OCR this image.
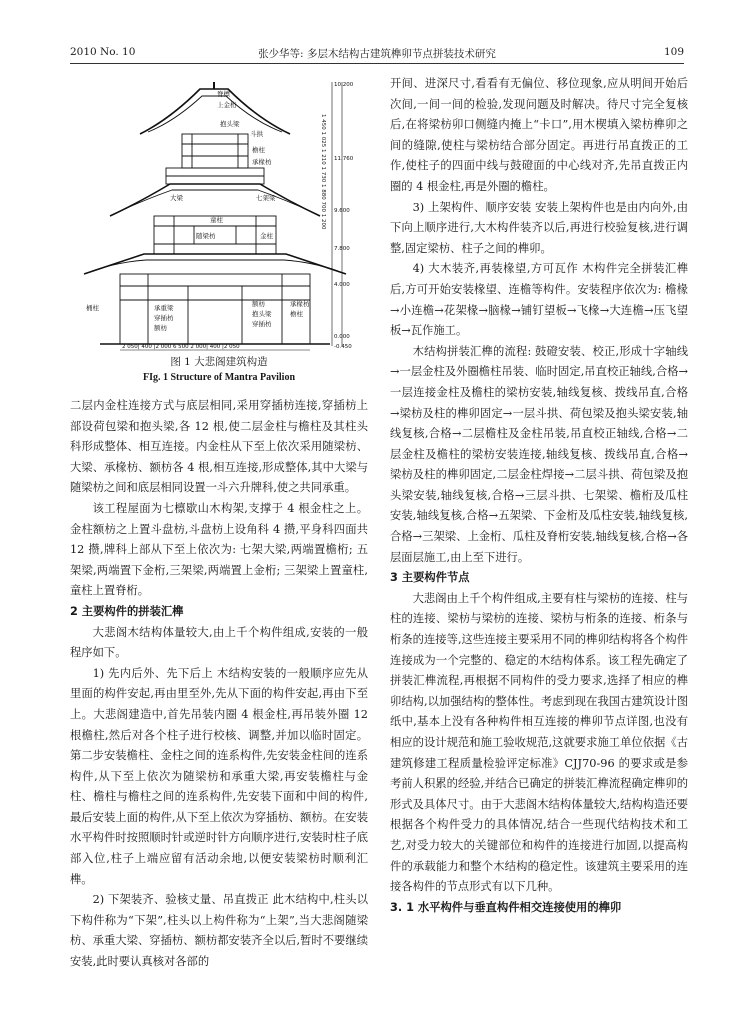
2010 No. 10	张少华等: 多层木结构古建筑榫卯节点拼装技术研究	109
脊檩
上金桁
抱头梁
斗拱
檐柱
承椽枋
大梁	七架梁
童柱
随梁枋	金柱
桶柱	承重梁
穿插枋
额枋
承椽枋
檐柱
额枋
抱头梁
穿插枋
10.200
11.760
9.600
7.800
4.000
0.000
-0.450
2 050| 400 |2 000 6 500 2 000| 400 |2 050
1 450 1 025 1 210 1 730 1 880 700 1 200
图 1 大悲阁建筑构造
FIg. 1 Structure of Mantra Pavilion

二层内金柱连接方式与底层相同,采用穿插枋连接,穿插枋上部设荷包梁和抱头梁,各 12 根,使二层金柱与檐柱及其柱头科形成整体、相互连接。内金柱从下至上依次采用随梁枋、大梁、承椽枋、额枋各 4 根,相互连接,形成整体,其中大梁与随梁枋之间和底层相同设置一斗六升牌科,使之共同承重。

该工程屋面为七檩歇山木构架,支撑于 4 根金柱之上。金柱额枋之上置斗盘枋,斗盘枋上设角科 4 攒,平身科四面共 12 攒,牌科上部从下至上依次为: 七架大梁,两端置檐桁; 五架梁,两端置下金桁,三架梁,两端置上金桁; 三架梁上置童柱,童柱上置脊桁。

2 主要构件的拼装汇榫

大悲阁木结构体量较大,由上千个构件组成,安装的一般程序如下。

1) 先内后外、先下后上 木结构安装的一般顺序应先从里面的构件安起,再由里至外,先从下面的构件安起,再由下至上。大悲阁建造中,首先吊装内圈 4 根金柱,再吊装外圈 12 根檐柱,然后对各个柱子进行校核、调整,并加以临时固定。第二步安装檐柱、金柱之间的连系构件,先安装金柱间的连系构件,从下至上依次为随梁枋和承重大梁,再安装檐柱与金柱、檐柱与檐柱之间的连系构件,先安装下面和中间的构件,最后安装上面的构件,从下至上依次为穿插枋、额枋。在安装水平构件时按照顺时针或逆时针方向顺序进行,安装时柱子底部入位,柱子上端应留有活动余地,以便安装梁枋时顺利汇榫。

2) 下架装齐、验核丈量、吊直拨正 此木结构中,柱头以下构件称为“下架”,柱头以上构件称为“上架”,当大悲阁随梁枋、承重大梁、穿插枋、额枋都安装齐全以后,暂时不要继续安装,此时要认真核对各部的

开间、进深尺寸,看看有无偏位、移位现象,应从明间开始后次间,一间一间的检验,发现问题及时解决。待尺寸完全复核后,在将梁枋卯口侧缝内掩上“卡口”,用木楔填入梁枋榫卯之间的缝隙,使柱与梁枋结合部分固定。再进行吊直拨正的工作,使柱子的四面中线与鼓磴面的中心线对齐,先吊直拨正内圈的 4 根金柱,再是外圈的檐柱。

3) 上架构件、顺序安装 安装上架构件也是由内向外,由下向上顺序进行,大木构件装齐以后,再进行校验复核,进行调整,固定梁枋、柱子之间的榫卯。

4) 大木装齐,再装椽望,方可瓦作 木构件完全拼装汇榫后,方可开始安装椽望、连檐等构件。安装程序依次为: 檐椽→小连檐→花架椽→脑椽→铺钉望板→飞椽→大连檐→压飞望板→瓦作施工。

木结构拼装汇榫的流程: 鼓磴安装、校正,形成十字轴线→一层金柱及外圈檐柱吊装、临时固定,吊直校正轴线,合格→一层连接金柱及檐柱的梁枋安装,轴线复核、拨线吊直,合格→梁枋及柱的榫卯固定→一层斗拱、荷包梁及抱头梁安装,轴线复核,合格→二层檐柱及金柱吊装,吊直校正轴线,合格→二层金柱及檐柱的梁枋安装连接,轴线复核、拨线吊直,合格→梁枋及柱的榫卯固定,二层金柱焊接→二层斗拱、荷包梁及抱头梁安装,轴线复核,合格→三层斗拱、七架梁、檐桁及瓜柱安装,轴线复核,合格→五架梁、下金桁及瓜柱安装,轴线复核,合格→三架梁、上金桁、瓜柱及脊桁安装,轴线复核,合格→各层面层施工,由上至下进行。

3 主要构件节点

大悲阁由上千个构件组成,主要有柱与梁枋的连接、柱与柱的连接、梁枋与梁枋的连接、梁枋与桁条的连接、桁条与桁条的连接等,这些连接主要采用不同的榫卯结构将各个构件连接成为一个完整的、稳定的木结构体系。该工程先确定了拼装汇榫流程,再根据不同构件的受力要求,选择了相应的榫卯结构,以加强结构的整体性。考虑到现在我国古建筑设计图纸中,基本上没有各种构件相互连接的榫卯节点详图,也没有相应的设计规范和施工验收规范,这就要求施工单位依据《古建筑修建工程质量检验评定标准》CJJ70-96 的要求或是参考前人积累的经验,并结合已确定的拼装汇榫流程确定榫卯的形式及具体尺寸。由于大悲阁木结构体量较大,结构构造还要根据各个构件受力的具体情况,结合一些现代结构技术和工艺,对受力较大的关键部位和构件的连接进行加固,以提高构件的承载能力和整个木结构的稳定性。该建筑主要采用的连接各构件的节点形式有以下几种。

3. 1 水平构件与垂直构件相交连接使用的榫卯
